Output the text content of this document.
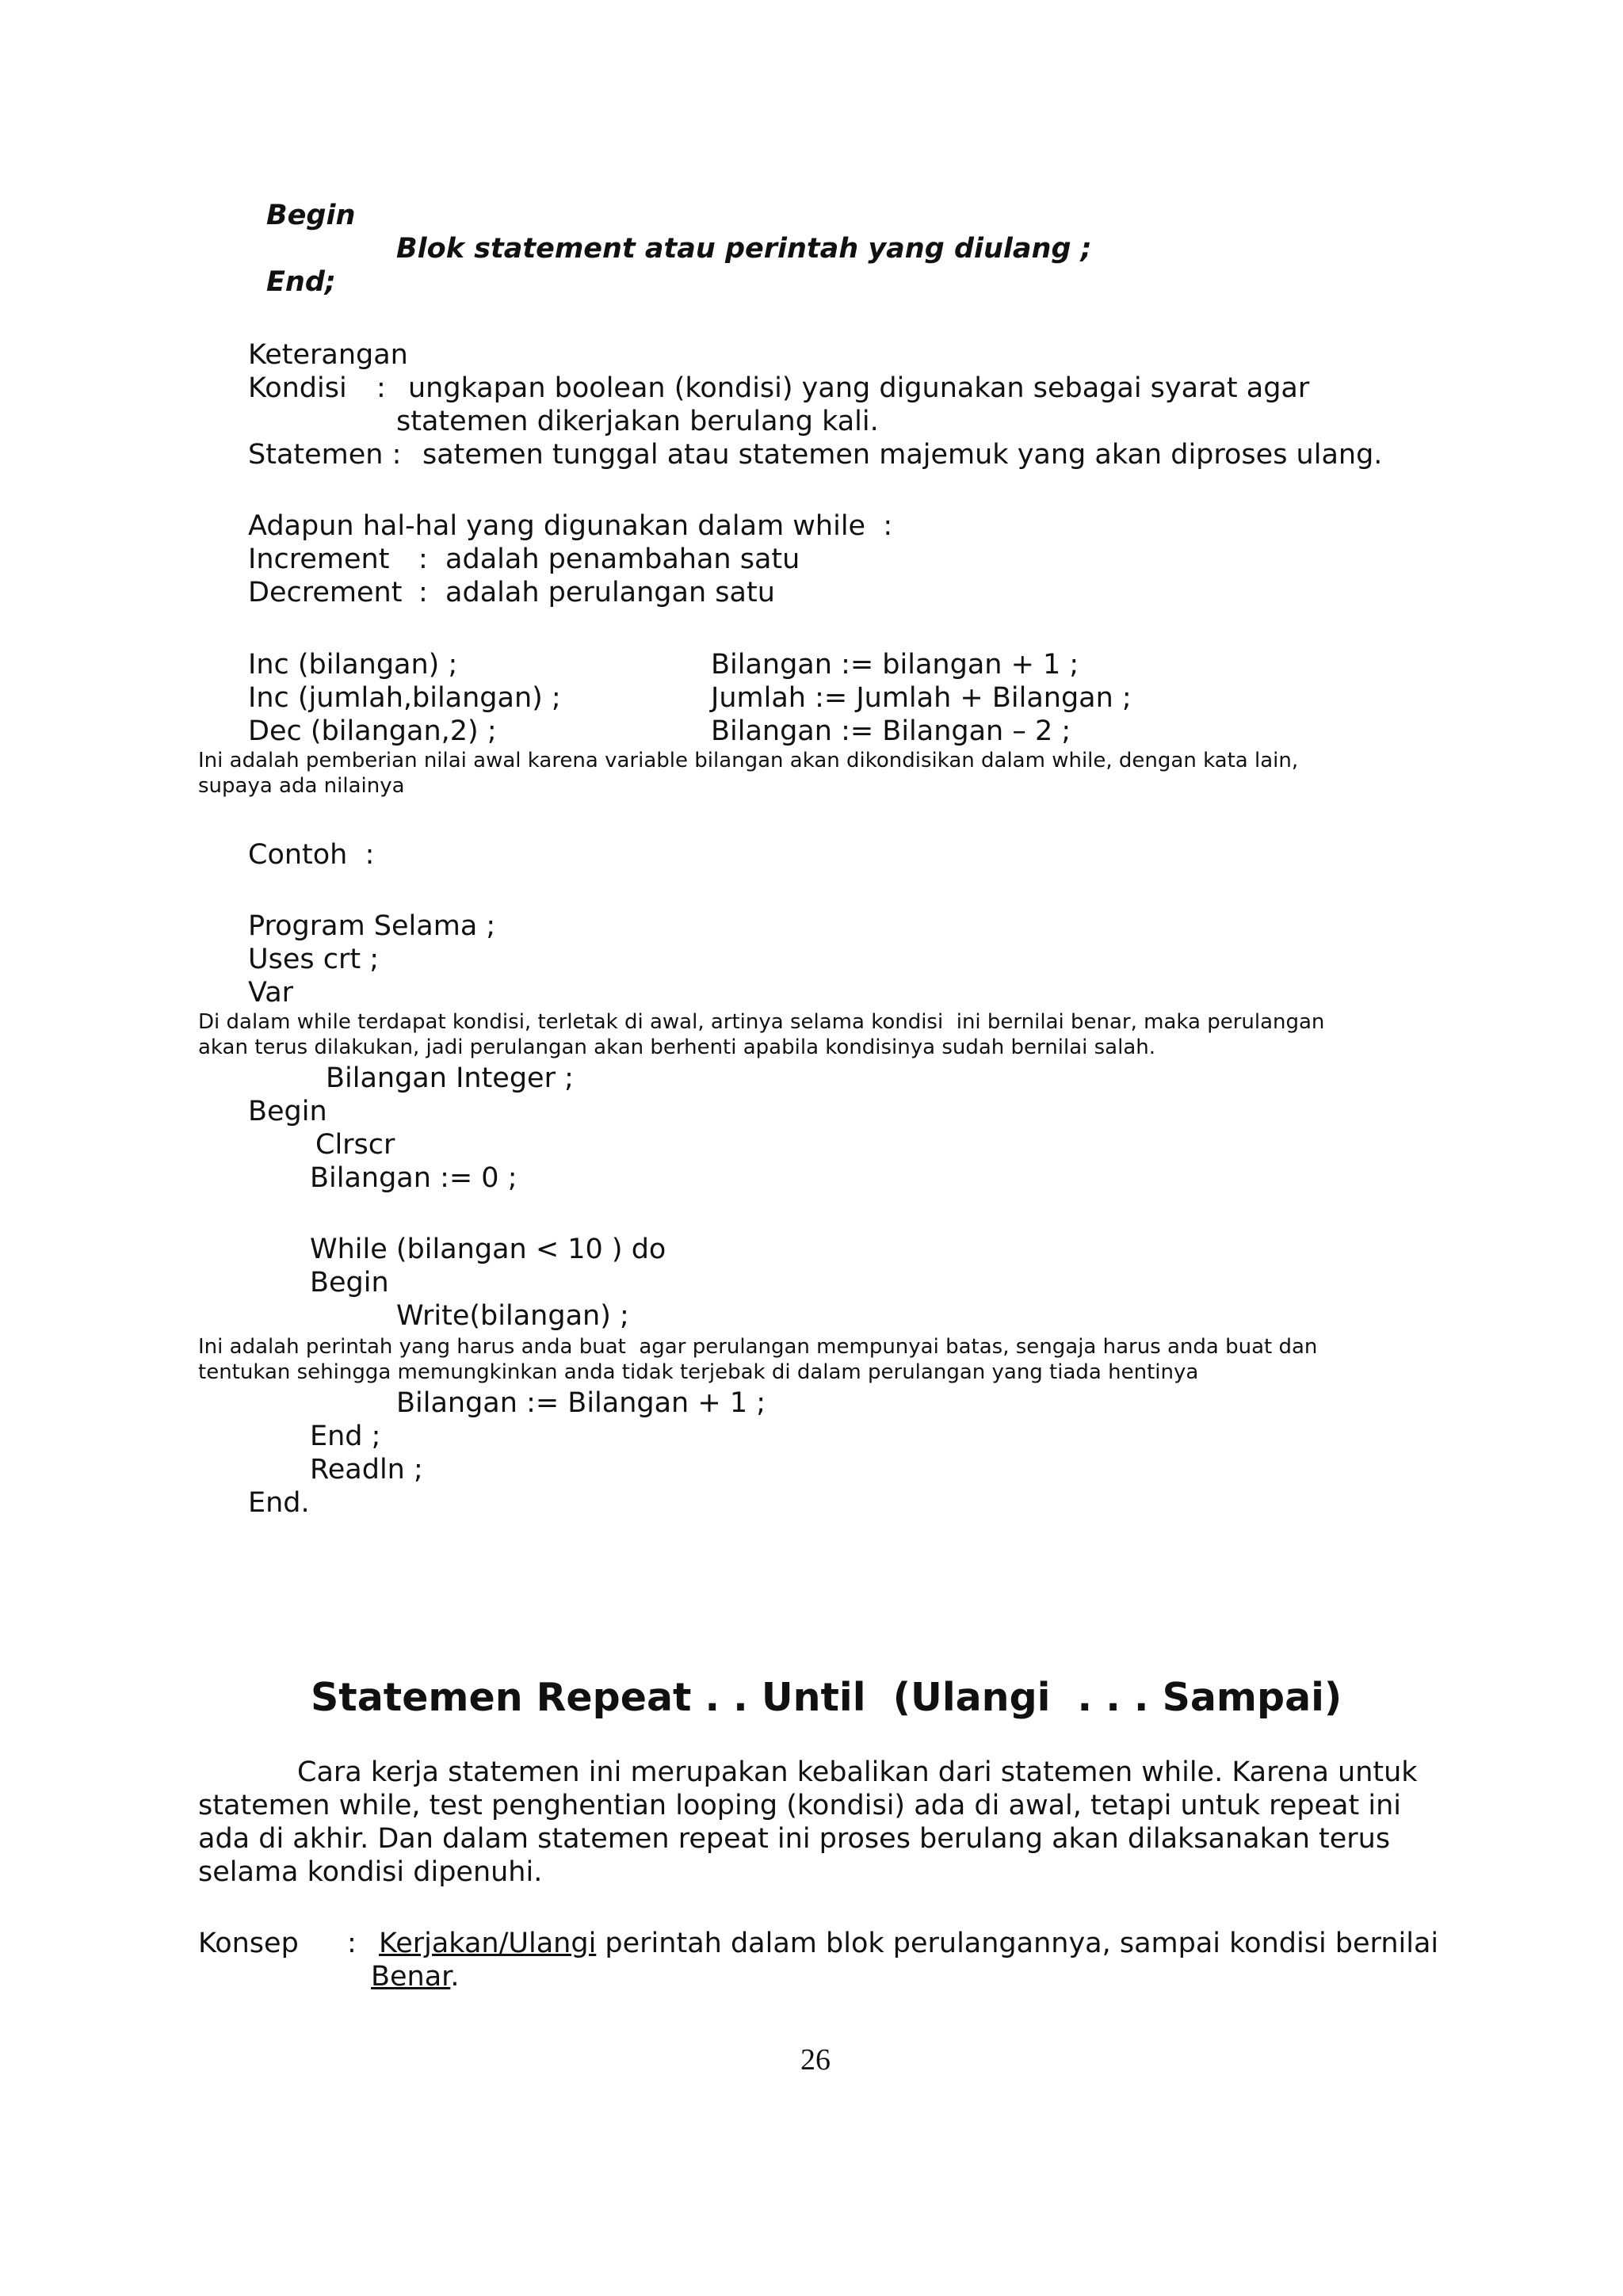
Begin
Blok statement atau perintah yang diulang ;
End;
Keterangan
Kondisi : ungkapan boolean (kondisi) yang digunakan sebagai syarat agar
statemen dikerjakan berulang kali.
Statemen : satemen tunggal atau statemen majemuk yang akan diproses ulang.
Adapun hal-hal yang digunakan dalam while  :
Increment :  adalah penambahan satu
Decrement :  adalah perulangan satu
Inc (bilangan) ;	Bilangan := bilangan + 1 ;
Inc (jumlah,bilangan) ;	Jumlah := Jumlah + Bilangan ;
Dec (bilangan,2) ;	Bilangan := Bilangan – 2 ;
Ini adalah pemberian nilai awal karena variable bilangan akan dikondisikan dalam while, dengan kata lain,
supaya ada nilainya
Contoh  :
Program Selama ;
Uses crt ;
Var
Di dalam while terdapat kondisi, terletak di awal, artinya selama kondisi  ini bernilai benar, maka perulangan
akan terus dilakukan, jadi perulangan akan berhenti apabila kondisinya sudah bernilai salah.
Bilangan Integer ;
Begin
Clrscr
Bilangan := 0 ;
While (bilangan < 10 ) do
Begin
Write(bilangan) ;
Ini adalah perintah yang harus anda buat  agar perulangan mempunyai batas, sengaja harus anda buat dan
tentukan sehingga memungkinkan anda tidak terjebak di dalam perulangan yang tiada hentinya
Bilangan := Bilangan + 1 ;
End ;
Readln ;
End.
Statemen Repeat . . Until  (Ulangi  . . . Sampai)
Cara kerja statemen ini merupakan kebalikan dari statemen while. Karena untuk
statemen while, test penghentian looping (kondisi) ada di awal, tetapi untuk repeat ini
ada di akhir. Dan dalam statemen repeat ini proses berulang akan dilaksanakan terus
selama kondisi dipenuhi.
Konsep : Kerjakan/Ulangi perintah dalam blok perulangannya, sampai kondisi bernilai
Benar.
26
